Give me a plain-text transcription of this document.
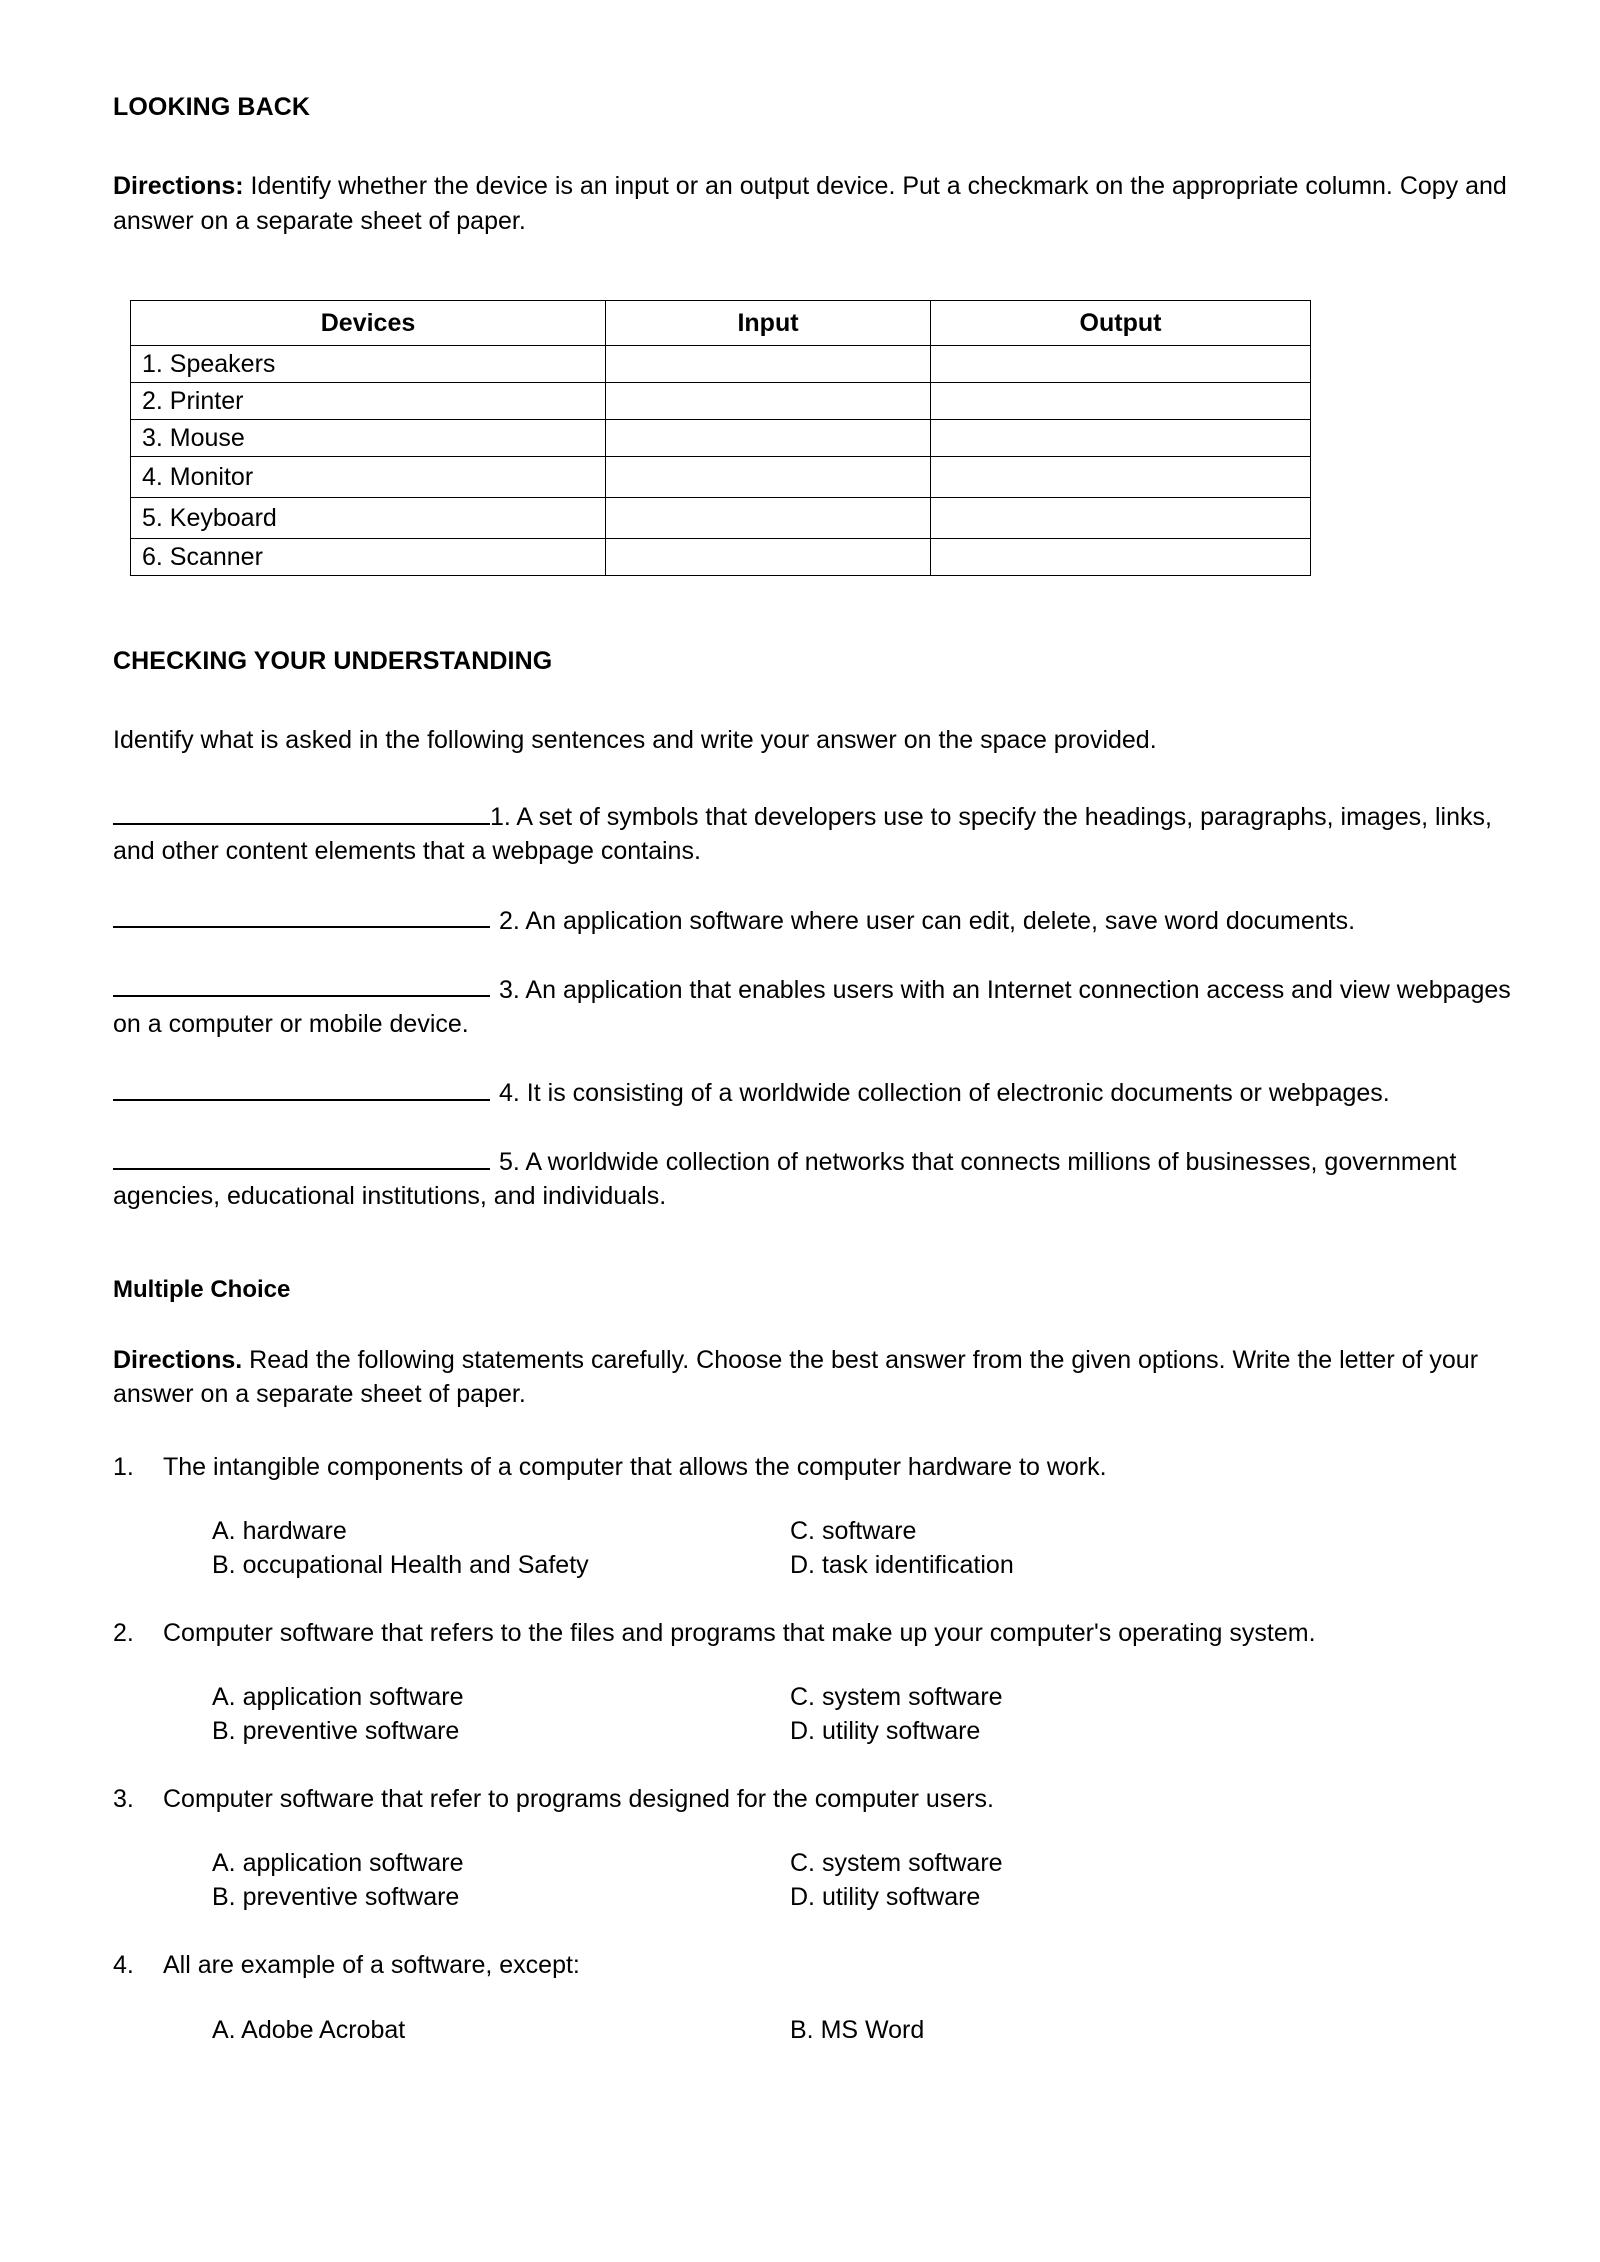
LOOKING BACK

Directions: Identify whether the device is an input or an output device. Put a checkmark on the appropriate column. Copy and answer on a separate sheet of paper.

Devices	Input	Output
1. Speakers		
2. Printer		
3. Mouse		
4. Monitor		
5. Keyboard		
6. Scanner		
CHECKING YOUR UNDERSTANDING

Identify what is asked in the following sentences and write your answer on the space provided.

1. A set of symbols that developers use to specify the headings, paragraphs, images, links, and other content elements that a webpage contains.

2. An application software where user can edit, delete, save word documents.

3. An application that enables users with an Internet connection access and view webpages on a computer or mobile device.

4. It is consisting of a worldwide collection of electronic documents or webpages.

5. A worldwide collection of networks that connects millions of businesses, government agencies, educational institutions, and individuals.

Multiple Choice

Directions. Read the following statements carefully. Choose the best answer from the given options. Write the letter of your answer on a separate sheet of paper.

1.	The intangible components of a computer that allows the computer hardware to work.
A. hardware	C. software
B. occupational Health and Safety	D. task identification
2.	Computer software that refers to the files and programs that make up your computer's operating system.
A. application software	C. system software
B. preventive software	D. utility software
3.	Computer software that refer to programs designed for the computer users.
A. application software	C. system software
B. preventive software	D. utility software
4.	All are example of a software, except:
A. Adobe Acrobat	B. MS Word
